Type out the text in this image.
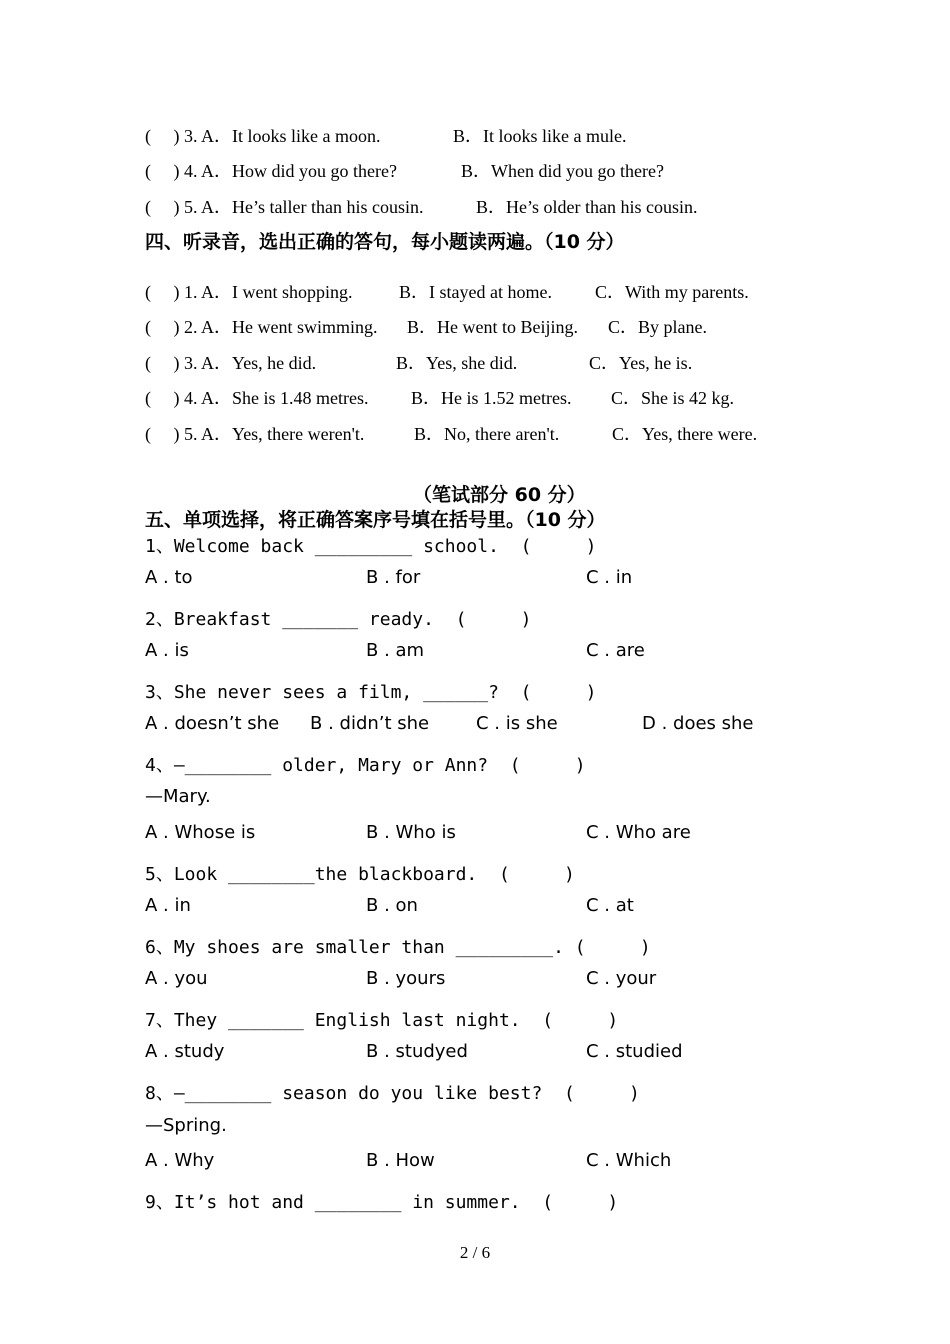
(     ) 3. A．It looks like a moon.	B．It looks like a mule.
(     ) 4. A．How did you go there?	B．When did you go there?
(     ) 5. A．He’s taller than his cousin.	B．He’s older than his cousin.
四、听录音，选出正确的答句，每小题读两遍。（10 分）
(     ) 1. A．I went shopping.	B．I stayed at home. C．With my parents.
(     ) 2. A．He went swimming. B．He went to Beijing. C．By plane.
(     ) 3. A．Yes, he did.	B．Yes, she did.	C．Yes, he is.
(     ) 4. A．She is 1.48 metres. B．He is 1.52 metres. C．She is 42 kg.
(     ) 5. A．Yes, there weren't.	B．No, there aren't.	C．Yes, there were.
（笔试部分 60 分）
五、单项选择，将正确答案序号填在括号里。（10 分）
1、Welcome back _________ school.  (     )
A . to	B . for	C . in
2、Breakfast _______ ready.  (     )
A . is	B . am	C . are
3、She never sees a film, ______?  (     )
A . doesn’t she B . didn’t she	C . is she	D . does she
4、—________ older, Mary or Ann?  (     )
—Mary.
A . Whose is	B . Who is	C . Who are
5、Look ________the blackboard.  (     )
A . in	B . on	C . at
6、My shoes are smaller than _________. (     )
A . you	B . yours	C . your
7、They _______ English last night.  (     )
A . study	B . studyed	C . studied
8、—________ season do you like best?  (     )
—Spring.
A . Why	B . How	C . Which
9、It’s hot and ________ in summer.  (     )
2 / 6
